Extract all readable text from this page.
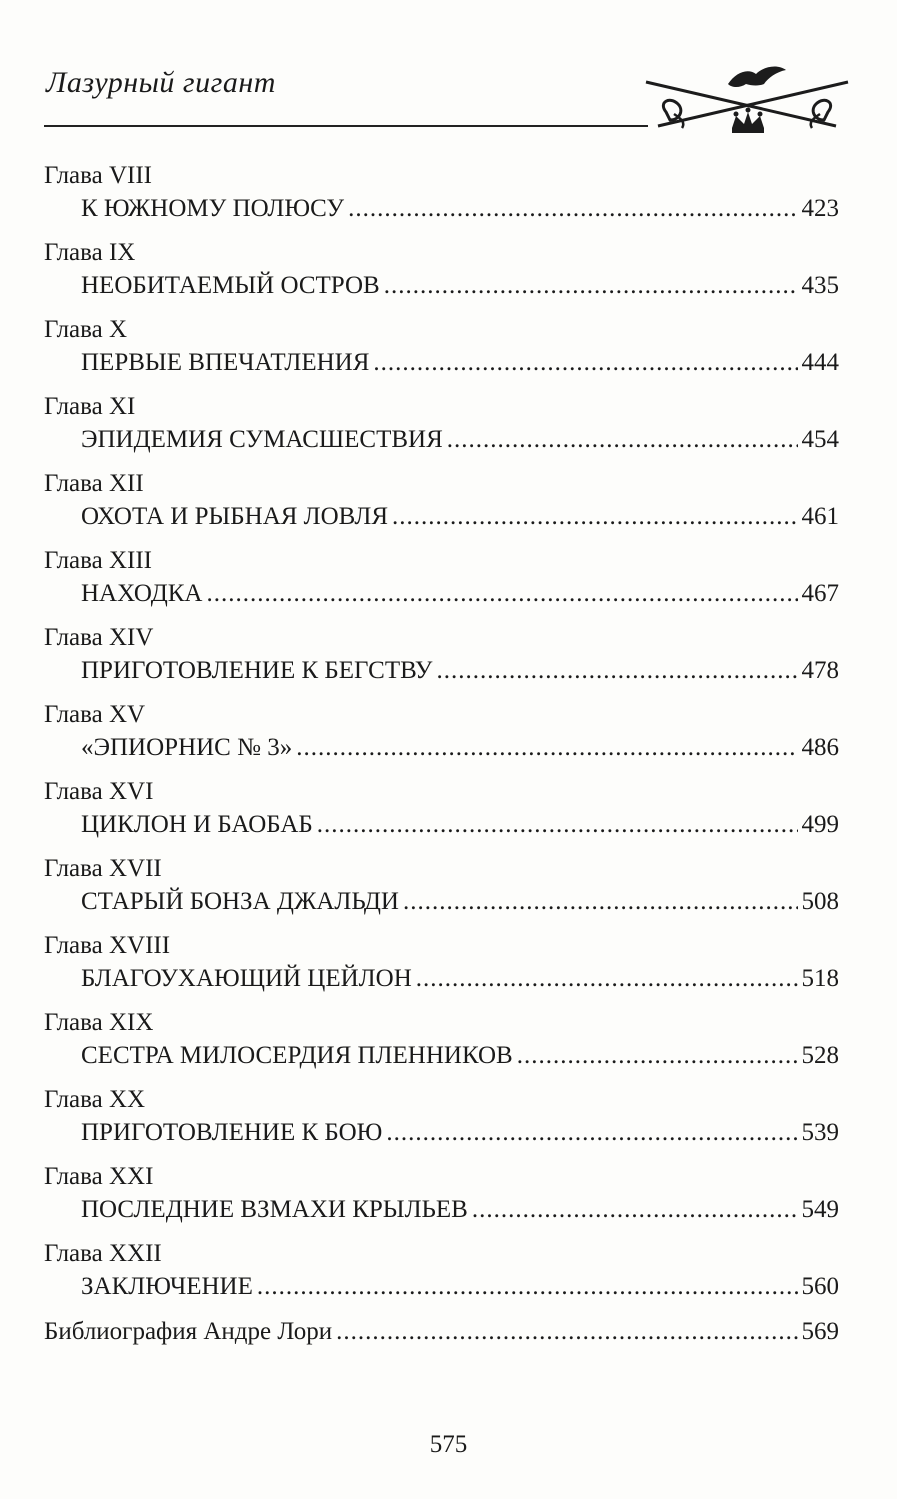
Лазурный гигант
Глава VIII
К ЮЖНОМУ ПОЛЮСУ .....	423
Глава IX
НЕОБИТАЕМЫЙ ОСТРОВ .....	435
Глава X
ПЕРВЫЕ ВПЕЧАТЛЕНИЯ .....	444
Глава XI
ЭПИДЕМИЯ СУМАСШЕСТВИЯ .....	454
Глава XII
ОХОТА И РЫБНАЯ ЛОВЛЯ .....	461
Глава XIII
НАХОДКА .....	467
Глава XIV
ПРИГОТОВЛЕНИЕ К БЕГСТВУ .....	478
Глава XV
«ЭПИОРНИС № 3» .....	486
Глава XVI
ЦИКЛОН И БАОБАБ .....	499
Глава XVII
СТАРЫЙ БОНЗА ДЖАЛЬДИ .....	508
Глава XVIII
БЛАГОУХАЮЩИЙ ЦЕЙЛОН .....	518
Глава XIX
СЕСТРА МИЛОСЕРДИЯ ПЛЕННИКОВ .....	528
Глава XX
ПРИГОТОВЛЕНИЕ К БОЮ .....	539
Глава XXI
ПОСЛЕДНИЕ ВЗМАХИ КРЫЛЬЕВ .....	549
Глава XXII
ЗАКЛЮЧЕНИЕ .....	560
Библиография Андре Лори .....	569
575
